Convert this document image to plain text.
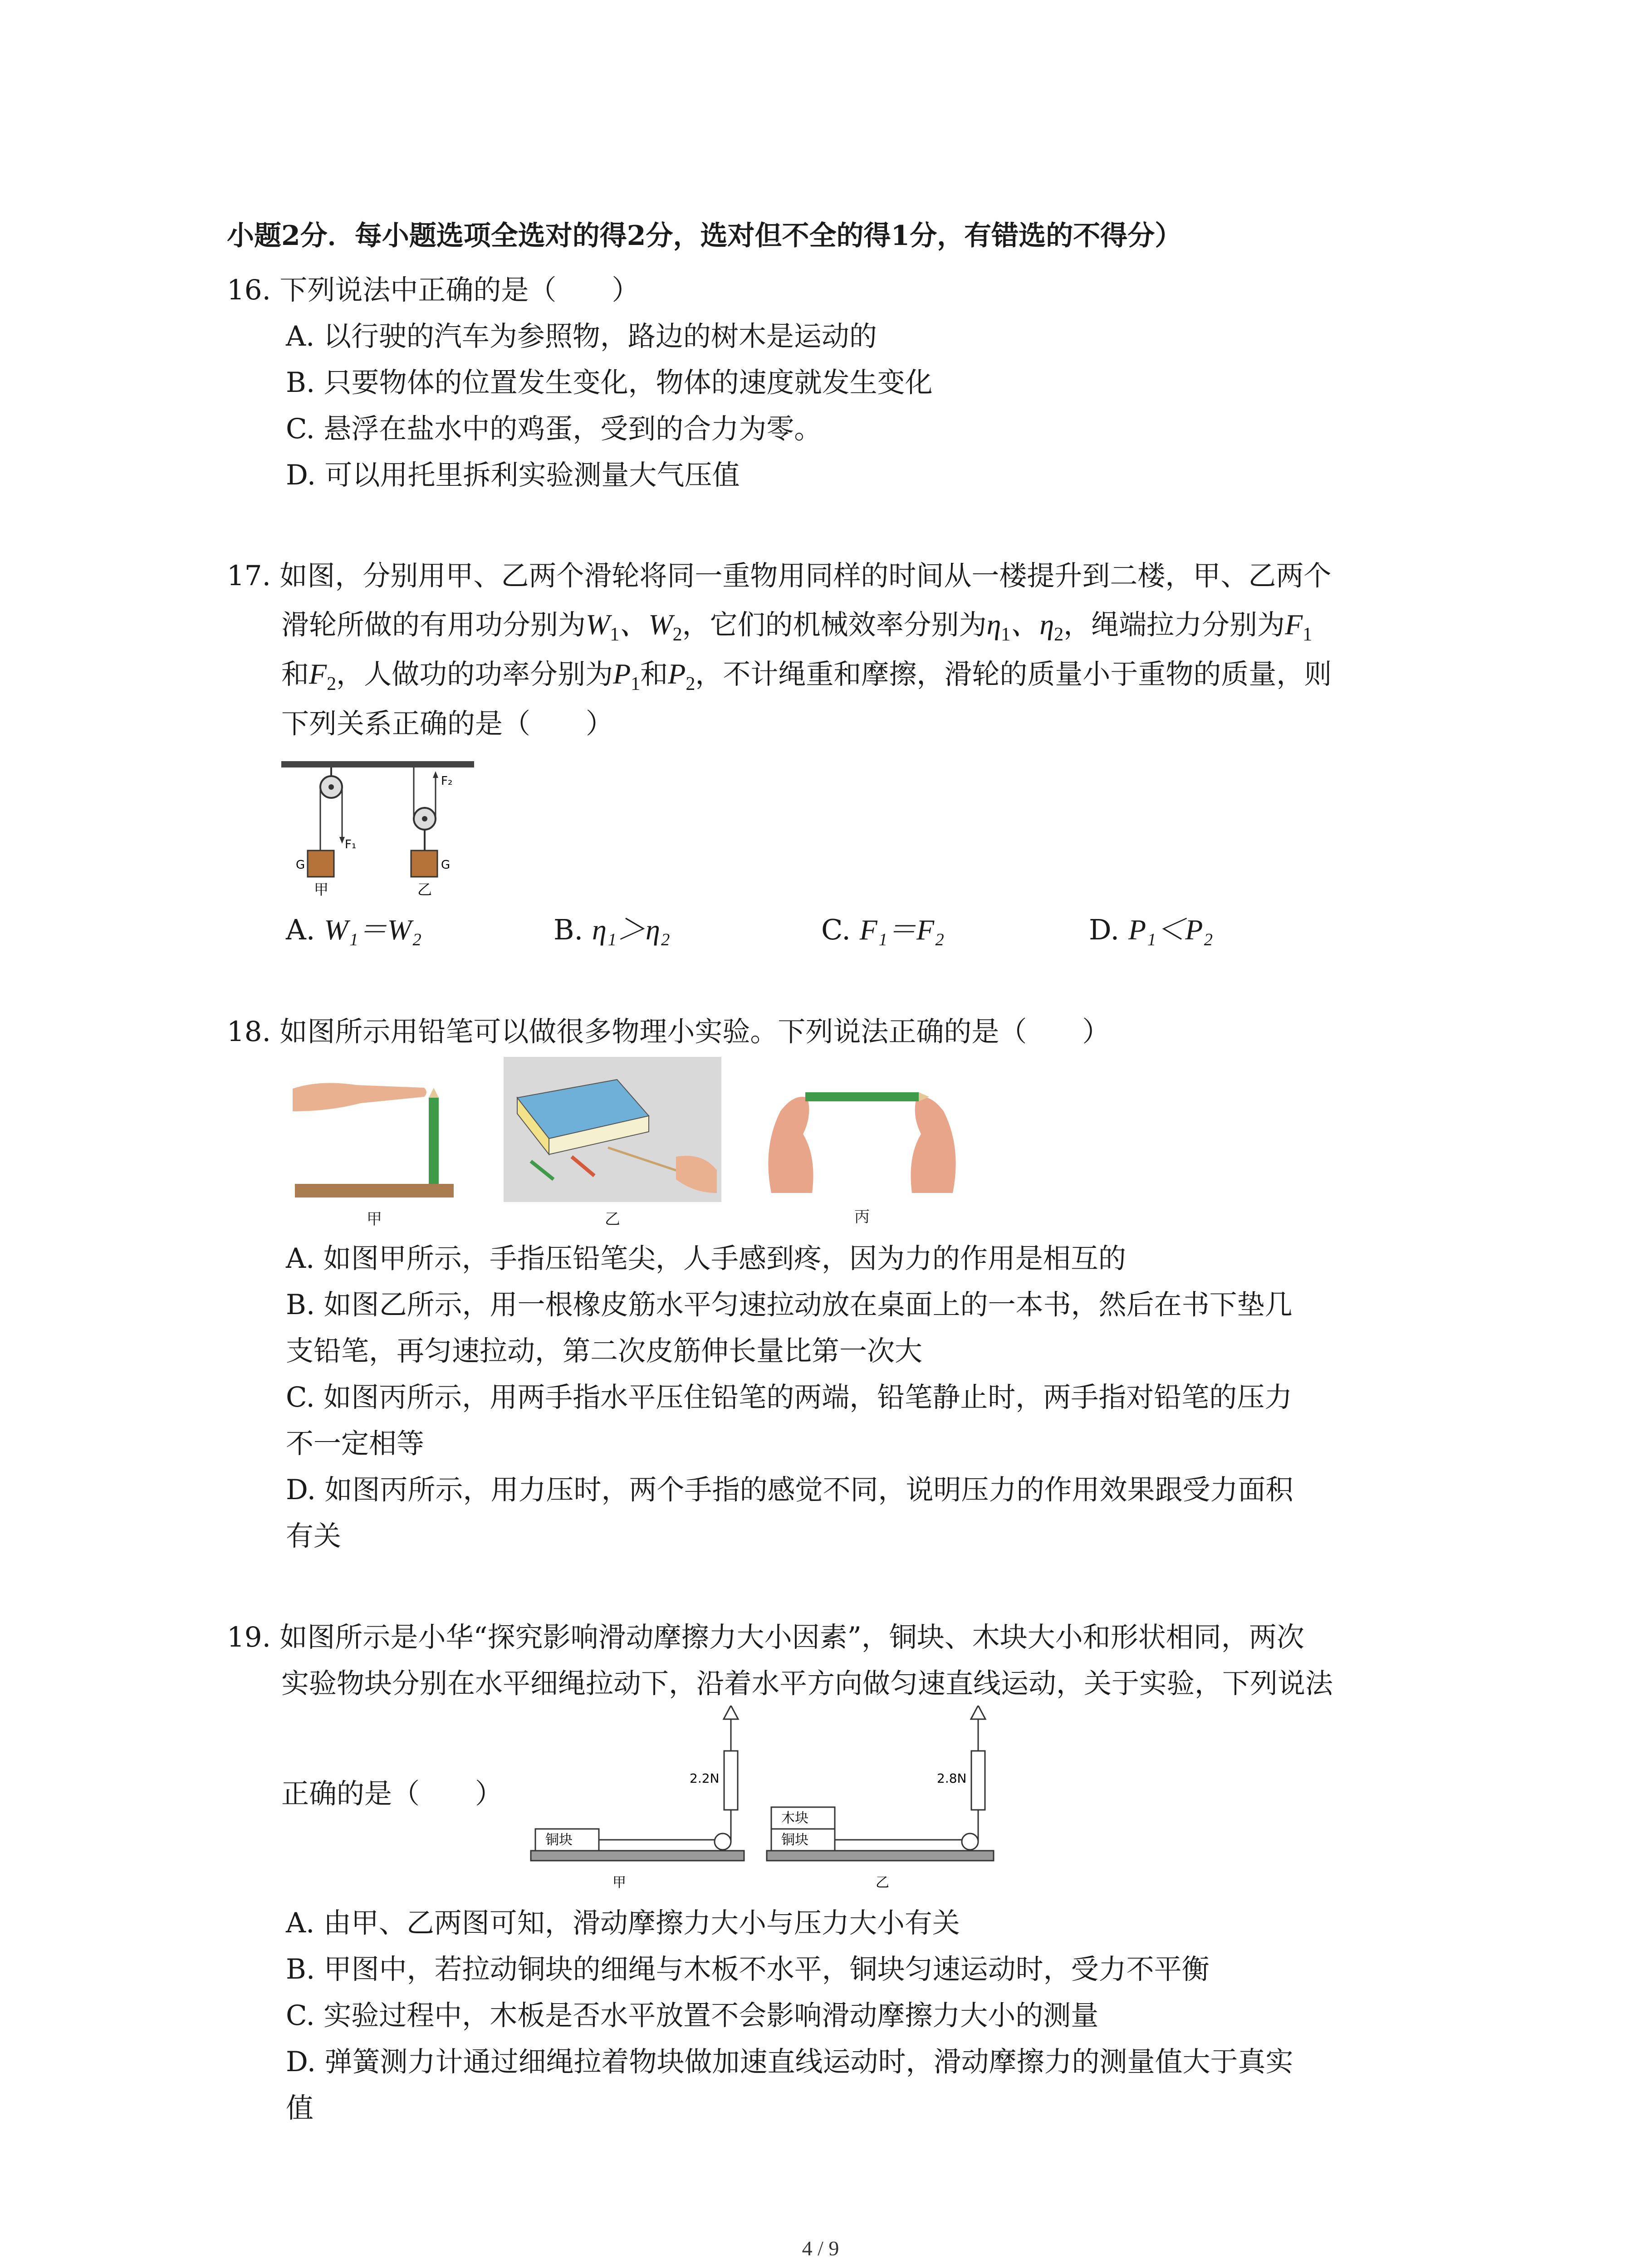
小题2分．每小题选项全选对的得2分，选对但不全的得1分，有错选的不得分）
16. 下列说法中正确的是（　　）
A. 以行驶的汽车为参照物，路边的树木是运动的
B. 只要物体的位置发生变化，物体的速度就发生变化
C. 悬浮在盐水中的鸡蛋，受到的合力为零。
D. 可以用托里拆利实验测量大气压值
17. 如图，分别用甲、乙两个滑轮将同一重物用同样的时间从一楼提升到二楼，甲、乙两个
滑轮所做的有用功分别为$W_1$、$W_2$，它们的机械效率分别为$\eta_1$、$\eta_2$，绳端拉力分别为$F_1$
和$F_2$，人做功的功率分别为$P_1$和$P_2$，不计绳重和摩擦，滑轮的质量小于重物的质量，则
下列关系正确的是（　　）
F₁
F₂
G	G
甲	乙
A. W₁＝W₂	B. η₁＞η₂	C. F₁＝F₂	D. P₁＜P₂
18. 如图所示用铅笔可以做很多物理小实验。下列说法正确的是（　　）
甲	乙	丙
A. 如图甲所示，手指压铅笔尖，人手感到疼，因为力的作用是相互的
B. 如图乙所示，用一根橡皮筋水平匀速拉动放在桌面上的一本书，然后在书下垫几
支铅笔，再匀速拉动，第二次皮筋伸长量比第一次大
C. 如图丙所示，用两手指水平压住铅笔的两端，铅笔静止时，两手指对铅笔的压力
不一定相等
D. 如图丙所示，用力压时，两个手指的感觉不同，说明压力的作用效果跟受力面积
有关
19. 如图所示是小华“探究影响滑动摩擦力大小因素”，铜块、木块大小和形状相同，两次
实验物块分别在水平细绳拉动下，沿着水平方向做匀速直线运动，关于实验，下列说法
正确的是（　　）
铜块
2.2N
甲
铜块
木块
2.8N
乙
A. 由甲、乙两图可知，滑动摩擦力大小与压力大小有关
B. 甲图中，若拉动铜块的细绳与木板不水平，铜块匀速运动时，受力不平衡
C. 实验过程中，木板是否水平放置不会影响滑动摩擦力大小的测量
D. 弹簧测力计通过细绳拉着物块做加速直线运动时，滑动摩擦力的测量值大于真实
值
4 / 9
